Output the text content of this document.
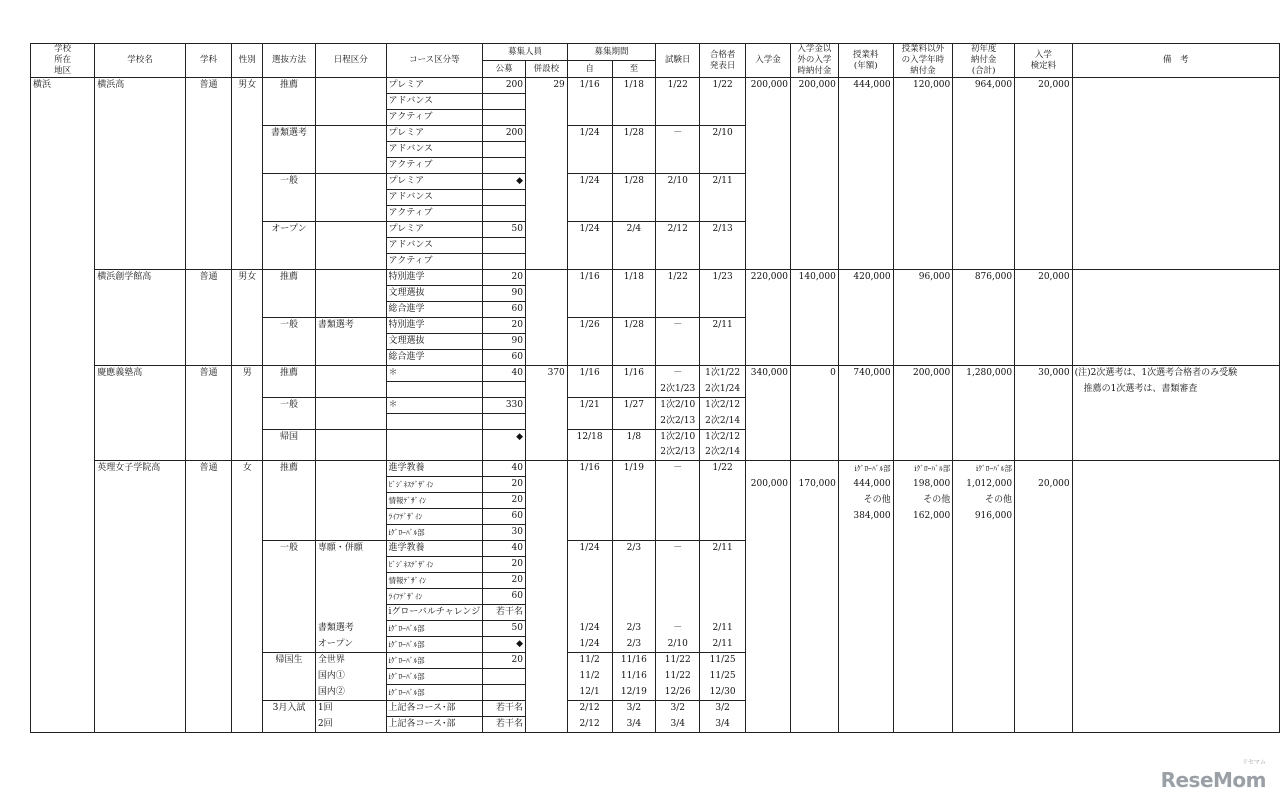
学校
所在
地区	学校名	学科	性別	選抜方法	日程区分	コース区分等	募集人員		募集期間		試験日	合格者
発表日	入学金	入学金以
外の入学
時納付金	授業料
(年額)	授業料以外
の入学年時
納付金	初年度
納付金
(合計)	入学
検定料	備　考
							公募	併設校	自	至									
横浜	横浜高	普通	男女	推薦		プレミア	200	29	1/16	1/18	1/22	1/22	200,000	200,000	444,000	120,000	964,000	20,000	
						アドバンス													
						アクティブ													
				書類選考		プレミア	200		1/24	1/28	－	2/10							
						アドバンス													
						アクティブ													
				一般		プレミア	◆		1/24	1/28	2/10	2/11							
						アドバンス													
						アクティブ													
				オープン		プレミア	50		1/24	2/4	2/12	2/13							
						アドバンス													
						アクティブ													
	横浜創学館高	普通	男女	推薦		特別進学	20		1/16	1/18	1/22	1/23	220,000	140,000	420,000	96,000	876,000	20,000	
						文理選抜	90												
						総合進学	60												
				一般	書類選考	特別進学	20		1/26	1/28	－	2/11							
						文理選抜	90												
						総合進学	60												
	慶應義塾高	普通	男	推薦		＊	40	370	1/16	1/16	－	1次1/22	340,000	0	740,000	200,000	1,280,000	30,000	(注)2次選考は、1次選考合格者のみ受験
											2次1/23	2次1/24							　推薦の1次選考は、書類審査
				一般		＊	330		1/21	1/27	1次2/10	1次2/12							
											2次2/13	2次2/14							
				帰国			◆		12/18	1/8	1次2/10	1次2/12							
											2次2/13	2次2/14							
	英理女子学院高	普通	女	推薦		進学教養	40		1/16	1/19	－	1/22			iｸﾞﾛｰﾊﾞﾙ部	iｸﾞﾛｰﾊﾞﾙ部	iｸﾞﾛｰﾊﾞﾙ部		
						ﾋﾞｼﾞﾈｽﾃﾞｻﾞｲﾝ	20						200,000	170,000	444,000	198,000	1,012,000	20,000	
						情報ﾃﾞｻﾞｲﾝ	20								その他	その他	その他		
						ﾗｲﾌﾃﾞｻﾞｲﾝ	60								384,000	162,000	916,000		
						iｸﾞﾛｰﾊﾞﾙ部	30												
				一般	専願・併願	進学教養	40		1/24	2/3	－	2/11							
						ﾋﾞｼﾞﾈｽﾃﾞｻﾞｲﾝ	20												
						情報ﾃﾞｻﾞｲﾝ	20												
						ﾗｲﾌﾃﾞｻﾞｲﾝ	60												
						iグローバルチャレンジ	若干名												
					書類選考	iｸﾞﾛｰﾊﾞﾙ部	50		1/24	2/3	－	2/11							
					オープン	iｸﾞﾛｰﾊﾞﾙ部	◆		1/24	2/3	2/10	2/11							
				帰国生	全世界	iｸﾞﾛｰﾊﾞﾙ部	20		11/2	11/16	11/22	11/25							
					国内①	iｸﾞﾛｰﾊﾞﾙ部			11/2	11/16	11/22	11/25							
					国内②	iｸﾞﾛｰﾊﾞﾙ部			12/1	12/19	12/26	12/30							
				3月入試	1回	上記各コース･部	若干名		2/12	3/2	3/2	3/2							
					2回	上記各コース･部	若干名		2/12	3/4	3/4	3/4							
リセマム
ReseMom
